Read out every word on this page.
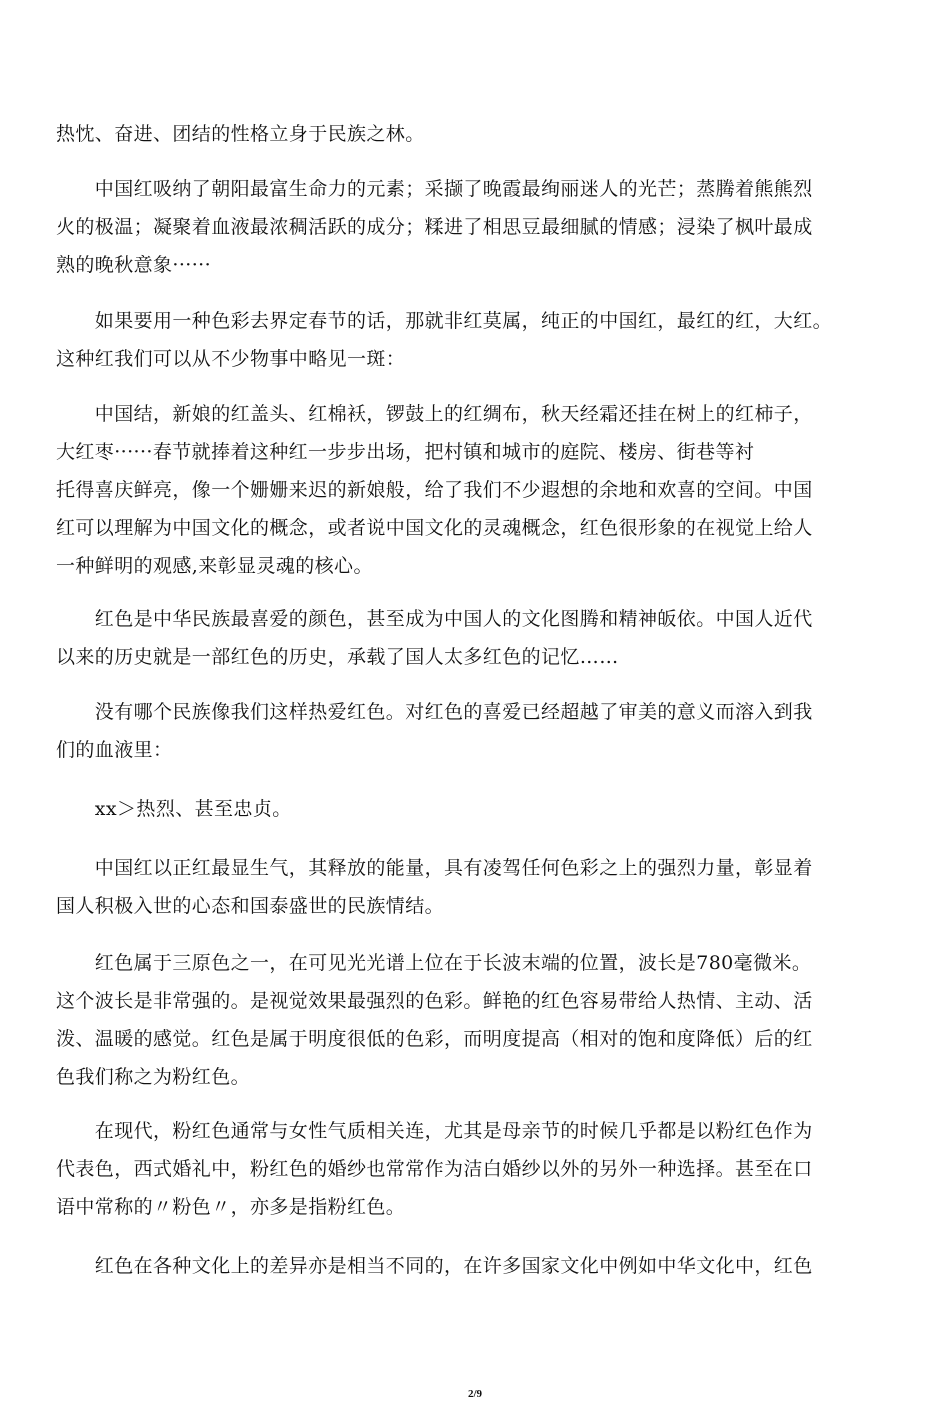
热忱、奋进、团结的性格立身于民族之林。

　　中国红吸纳了朝阳最富生命力的元素；采撷了晚霞最绚丽迷人的光芒；蒸腾着熊熊烈
火的极温；凝聚着血液最浓稠活跃的成分；糅进了相思豆最细腻的情感；浸染了枫叶最成
熟的晚秋意象······

　　如果要用一种色彩去界定春节的话，那就非红莫属，纯正的中国红，最红的红，大红。
这种红我们可以从不少物事中略见一斑：

　　中国结，新娘的红盖头、红棉袄，锣鼓上的红绸布，秋天经霜还挂在树上的红柿子，
大红枣······春节就捧着这种红一步步出场，把村镇和城市的庭院、楼房、街巷等衬
托得喜庆鲜亮，像一个姗姗来迟的新娘般，给了我们不少遐想的余地和欢喜的空间。中国
红可以理解为中国文化的概念，或者说中国文化的灵魂概念，红色很形象的在视觉上给人
一种鲜明的观感,来彰显灵魂的核心。

　　红色是中华民族最喜爱的颜色，甚至成为中国人的文化图腾和精神皈依。中国人近代
以来的历史就是一部红色的历史，承载了国人太多红色的记忆……

　　没有哪个民族像我们这样热爱红色。对红色的喜爱已经超越了审美的意义而溶入到我
们的血液里：

　　xx＞热烈、甚至忠贞。

　　中国红以正红最显生气，其释放的能量，具有凌驾任何色彩之上的强烈力量，彰显着
国人积极入世的心态和国泰盛世的民族情结。

　　红色属于三原色之一，在可见光光谱上位在于长波末端的位置，波长是780毫微米。
这个波长是非常强的。是视觉效果最强烈的色彩。鲜艳的红色容易带给人热情、主动、活
泼、温暖的感觉。红色是属于明度很低的色彩，而明度提高（相对的饱和度降低）后的红
色我们称之为粉红色。

　　在现代，粉红色通常与女性气质相关连，尤其是母亲节的时候几乎都是以粉红色作为
代表色，西式婚礼中，粉红色的婚纱也常常作为洁白婚纱以外的另外一种选择。甚至在口
语中常称的〃粉色〃，亦多是指粉红色。

　　红色在各种文化上的差异亦是相当不同的，在许多国家文化中例如中华文化中，红色

2/9
